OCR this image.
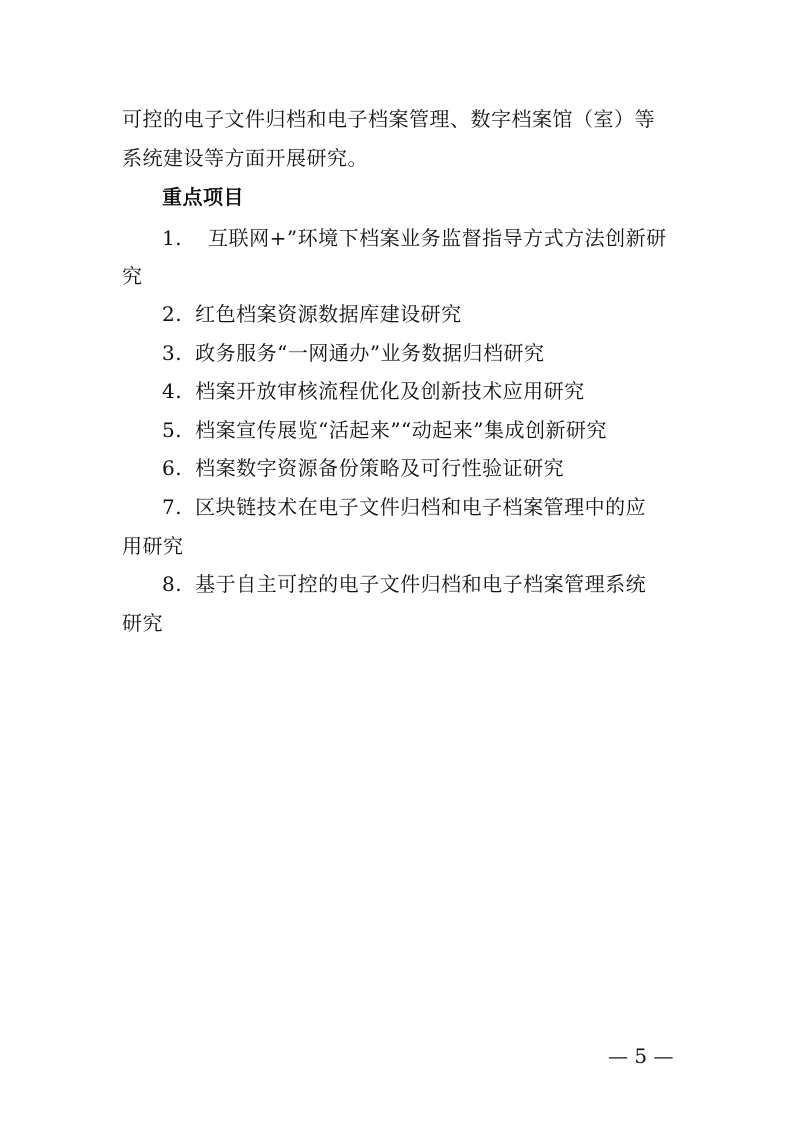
可控的电子文件归档和电子档案管理、数字档案馆（室）等
系统建设等方面开展研究。
重点项目
1. 互联网+”环境下档案业务监督指导方式方法创新研
究
2. 红色档案资源数据库建设研究
3. 政务服务“一网通办”业务数据归档研究
4. 档案开放审核流程优化及创新技术应用研究
5. 档案宣传展览“活起来”“动起来”集成创新研究
6. 档案数字资源备份策略及可行性验证研究
7. 区块链技术在电子文件归档和电子档案管理中的应
用研究
8. 基于自主可控的电子文件归档和电子档案管理系统
研究
— 5 —
